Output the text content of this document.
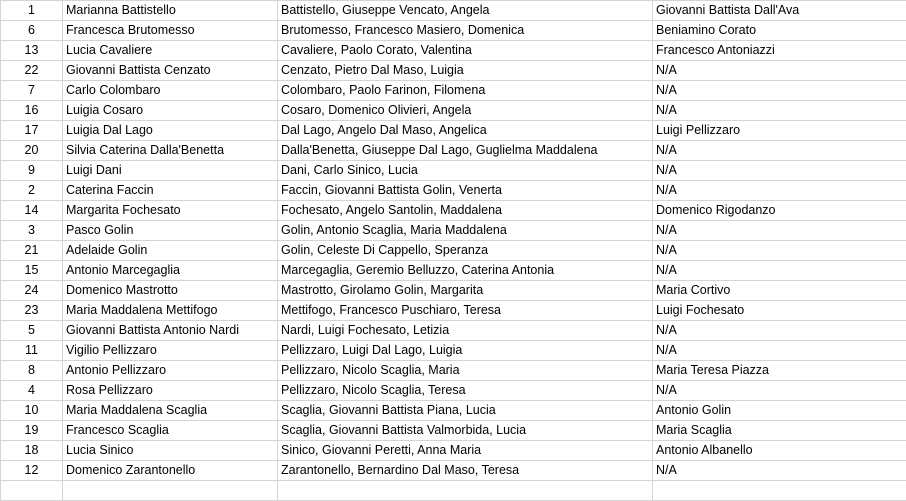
1	Marianna Battistello	Battistello, Giuseppe Vencato, Angela	Giovanni Battista Dall'Ava
6	Francesca Brutomesso	Brutomesso, Francesco Masiero, Domenica	Beniamino Corato
13	Lucia Cavaliere	Cavaliere, Paolo Corato, Valentina	Francesco Antoniazzi
22	Giovanni Battista Cenzato	Cenzato, Pietro Dal Maso, Luigia	N/A
7	Carlo Colombaro	Colombaro, Paolo Farinon, Filomena	N/A
16	Luigia Cosaro	Cosaro, Domenico Olivieri, Angela	N/A
17	Luigia Dal Lago	Dal Lago, Angelo Dal Maso, Angelica	Luigi Pellizzaro
20	Silvia Caterina Dalla'Benetta	Dalla'Benetta, Giuseppe Dal Lago, Guglielma Maddalena	N/A
9	Luigi Dani	Dani, Carlo Sinico, Lucia	N/A
2	Caterina Faccin	Faccin, Giovanni Battista Golin, Venerta	N/A
14	Margarita Fochesato	Fochesato, Angelo Santolin, Maddalena	Domenico Rigodanzo
3	Pasco Golin	Golin, Antonio Scaglia, Maria Maddalena	N/A
21	Adelaide Golin	Golin, Celeste Di Cappello, Speranza	N/A
15	Antonio Marcegaglia	Marcegaglia, Geremio Belluzzo, Caterina Antonia	N/A
24	Domenico Mastrotto	Mastrotto, Girolamo Golin, Margarita	Maria Cortivo
23	Maria Maddalena Mettifogo	Mettifogo, Francesco Puschiaro, Teresa	Luigi Fochesato
5	Giovanni Battista Antonio Nardi	Nardi, Luigi Fochesato, Letizia	N/A
11	Vigilio Pellizzaro	Pellizzaro, Luigi Dal Lago, Luigia	N/A
8	Antonio Pellizzaro	Pellizzaro, Nicolo Scaglia, Maria	Maria Teresa Piazza
4	Rosa Pellizzaro	Pellizzaro, Nicolo Scaglia, Teresa	N/A
10	Maria Maddalena Scaglia	Scaglia, Giovanni Battista Piana, Lucia	Antonio Golin
19	Francesco Scaglia	Scaglia, Giovanni Battista Valmorbida, Lucia	Maria Scaglia
18	Lucia Sinico	Sinico, Giovanni Peretti, Anna Maria	Antonio Albanello
12	Domenico Zarantonello	Zarantonello, Bernardino Dal Maso, Teresa	N/A
